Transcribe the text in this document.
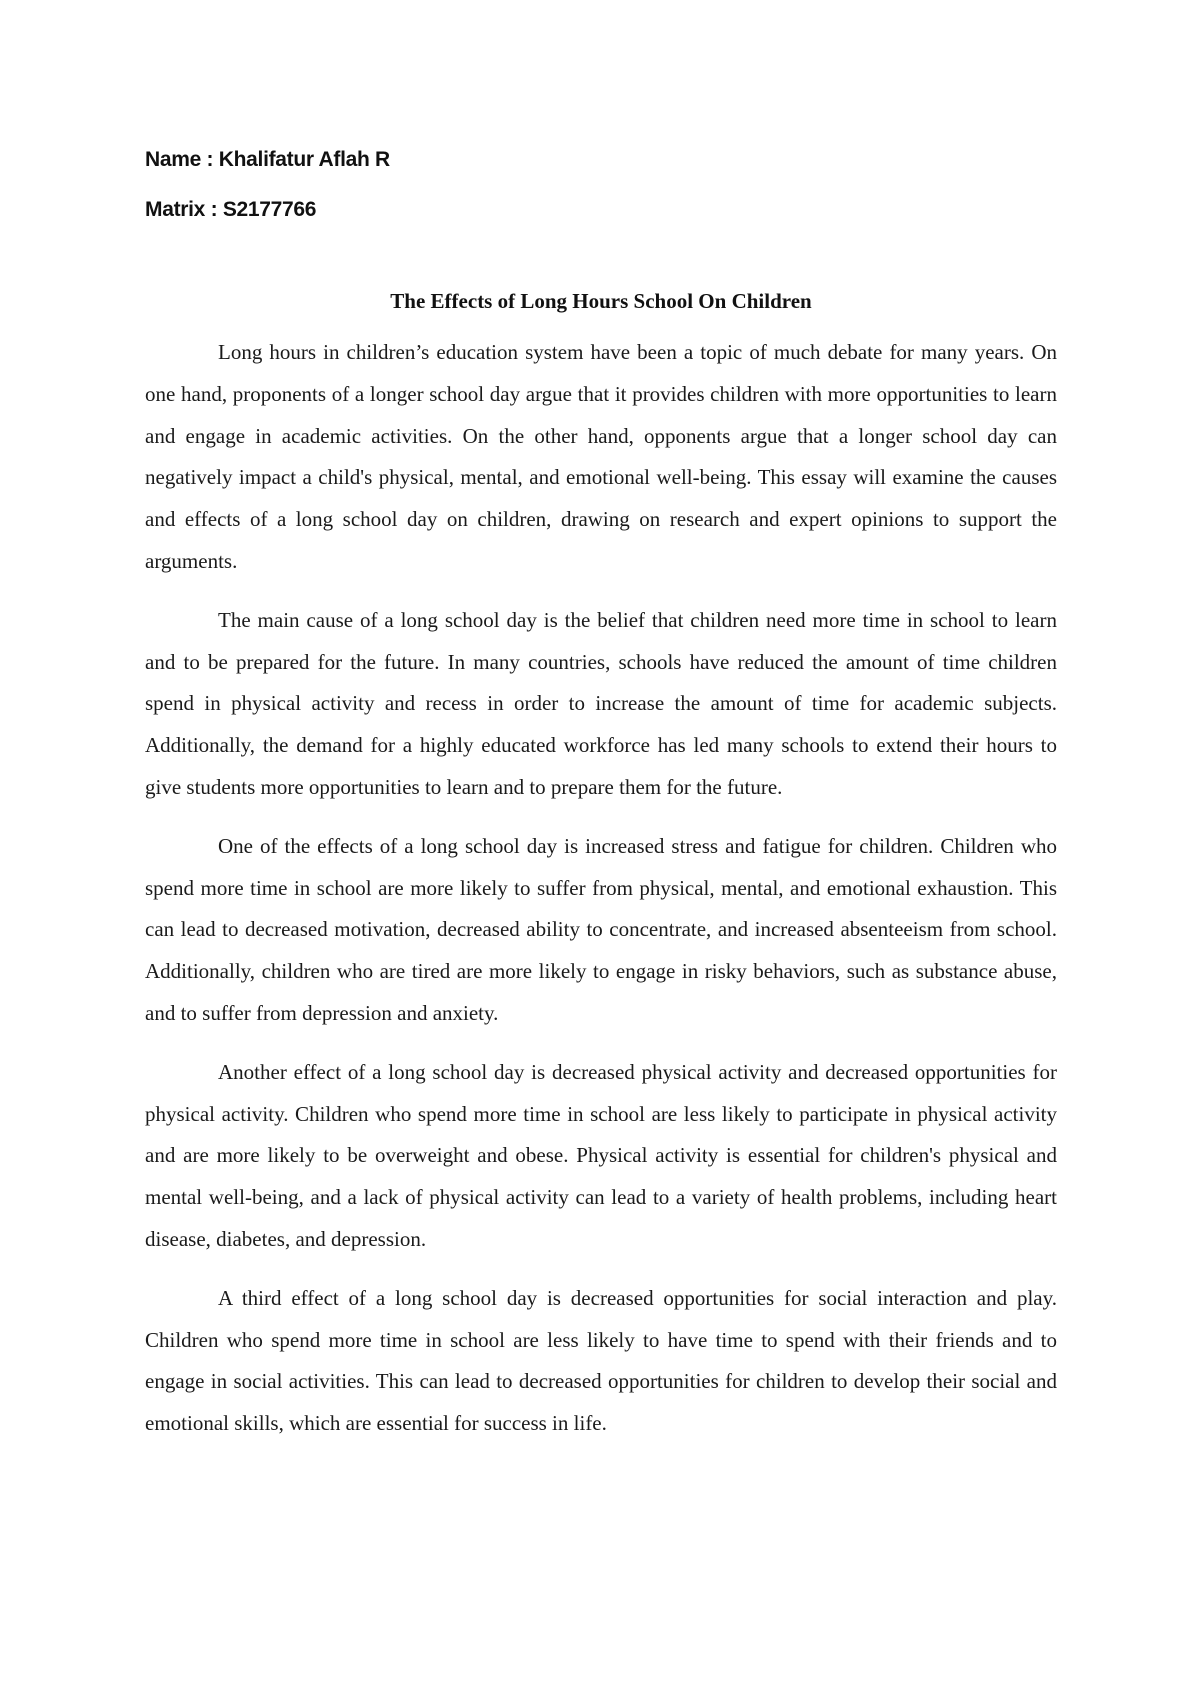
Name : Khalifatur Aflah R
Matrix : S2177766
The Effects of Long Hours School On Children

Long hours in children’s education system have been a topic of much debate for many years. On one hand, proponents of a longer school day argue that it provides children with more opportunities to learn and engage in academic activities. On the other hand, opponents argue that a longer school day can negatively impact a child's physical, mental, and emotional well-being. This essay will examine the causes and effects of a long school day on children, drawing on research and expert opinions to support the arguments.

The main cause of a long school day is the belief that children need more time in school to learn and to be prepared for the future. In many countries, schools have reduced the amount of time children spend in physical activity and recess in order to increase the amount of time for academic subjects. Additionally, the demand for a highly educated workforce has led many schools to extend their hours to give students more opportunities to learn and to prepare them for the future.

One of the effects of a long school day is increased stress and fatigue for children. Children who spend more time in school are more likely to suffer from physical, mental, and emotional exhaustion. This can lead to decreased motivation, decreased ability to concentrate, and increased absenteeism from school. Additionally, children who are tired are more likely to engage in risky behaviors, such as substance abuse, and to suffer from depression and anxiety.

Another effect of a long school day is decreased physical activity and decreased opportunities for physical activity. Children who spend more time in school are less likely to participate in physical activity and are more likely to be overweight and obese. Physical activity is essential for children's physical and mental well-being, and a lack of physical activity can lead to a variety of health problems, including heart disease, diabetes, and depression.

A third effect of a long school day is decreased opportunities for social interaction and play. Children who spend more time in school are less likely to have time to spend with their friends and to engage in social activities. This can lead to decreased opportunities for children to develop their social and emotional skills, which are essential for success in life.
